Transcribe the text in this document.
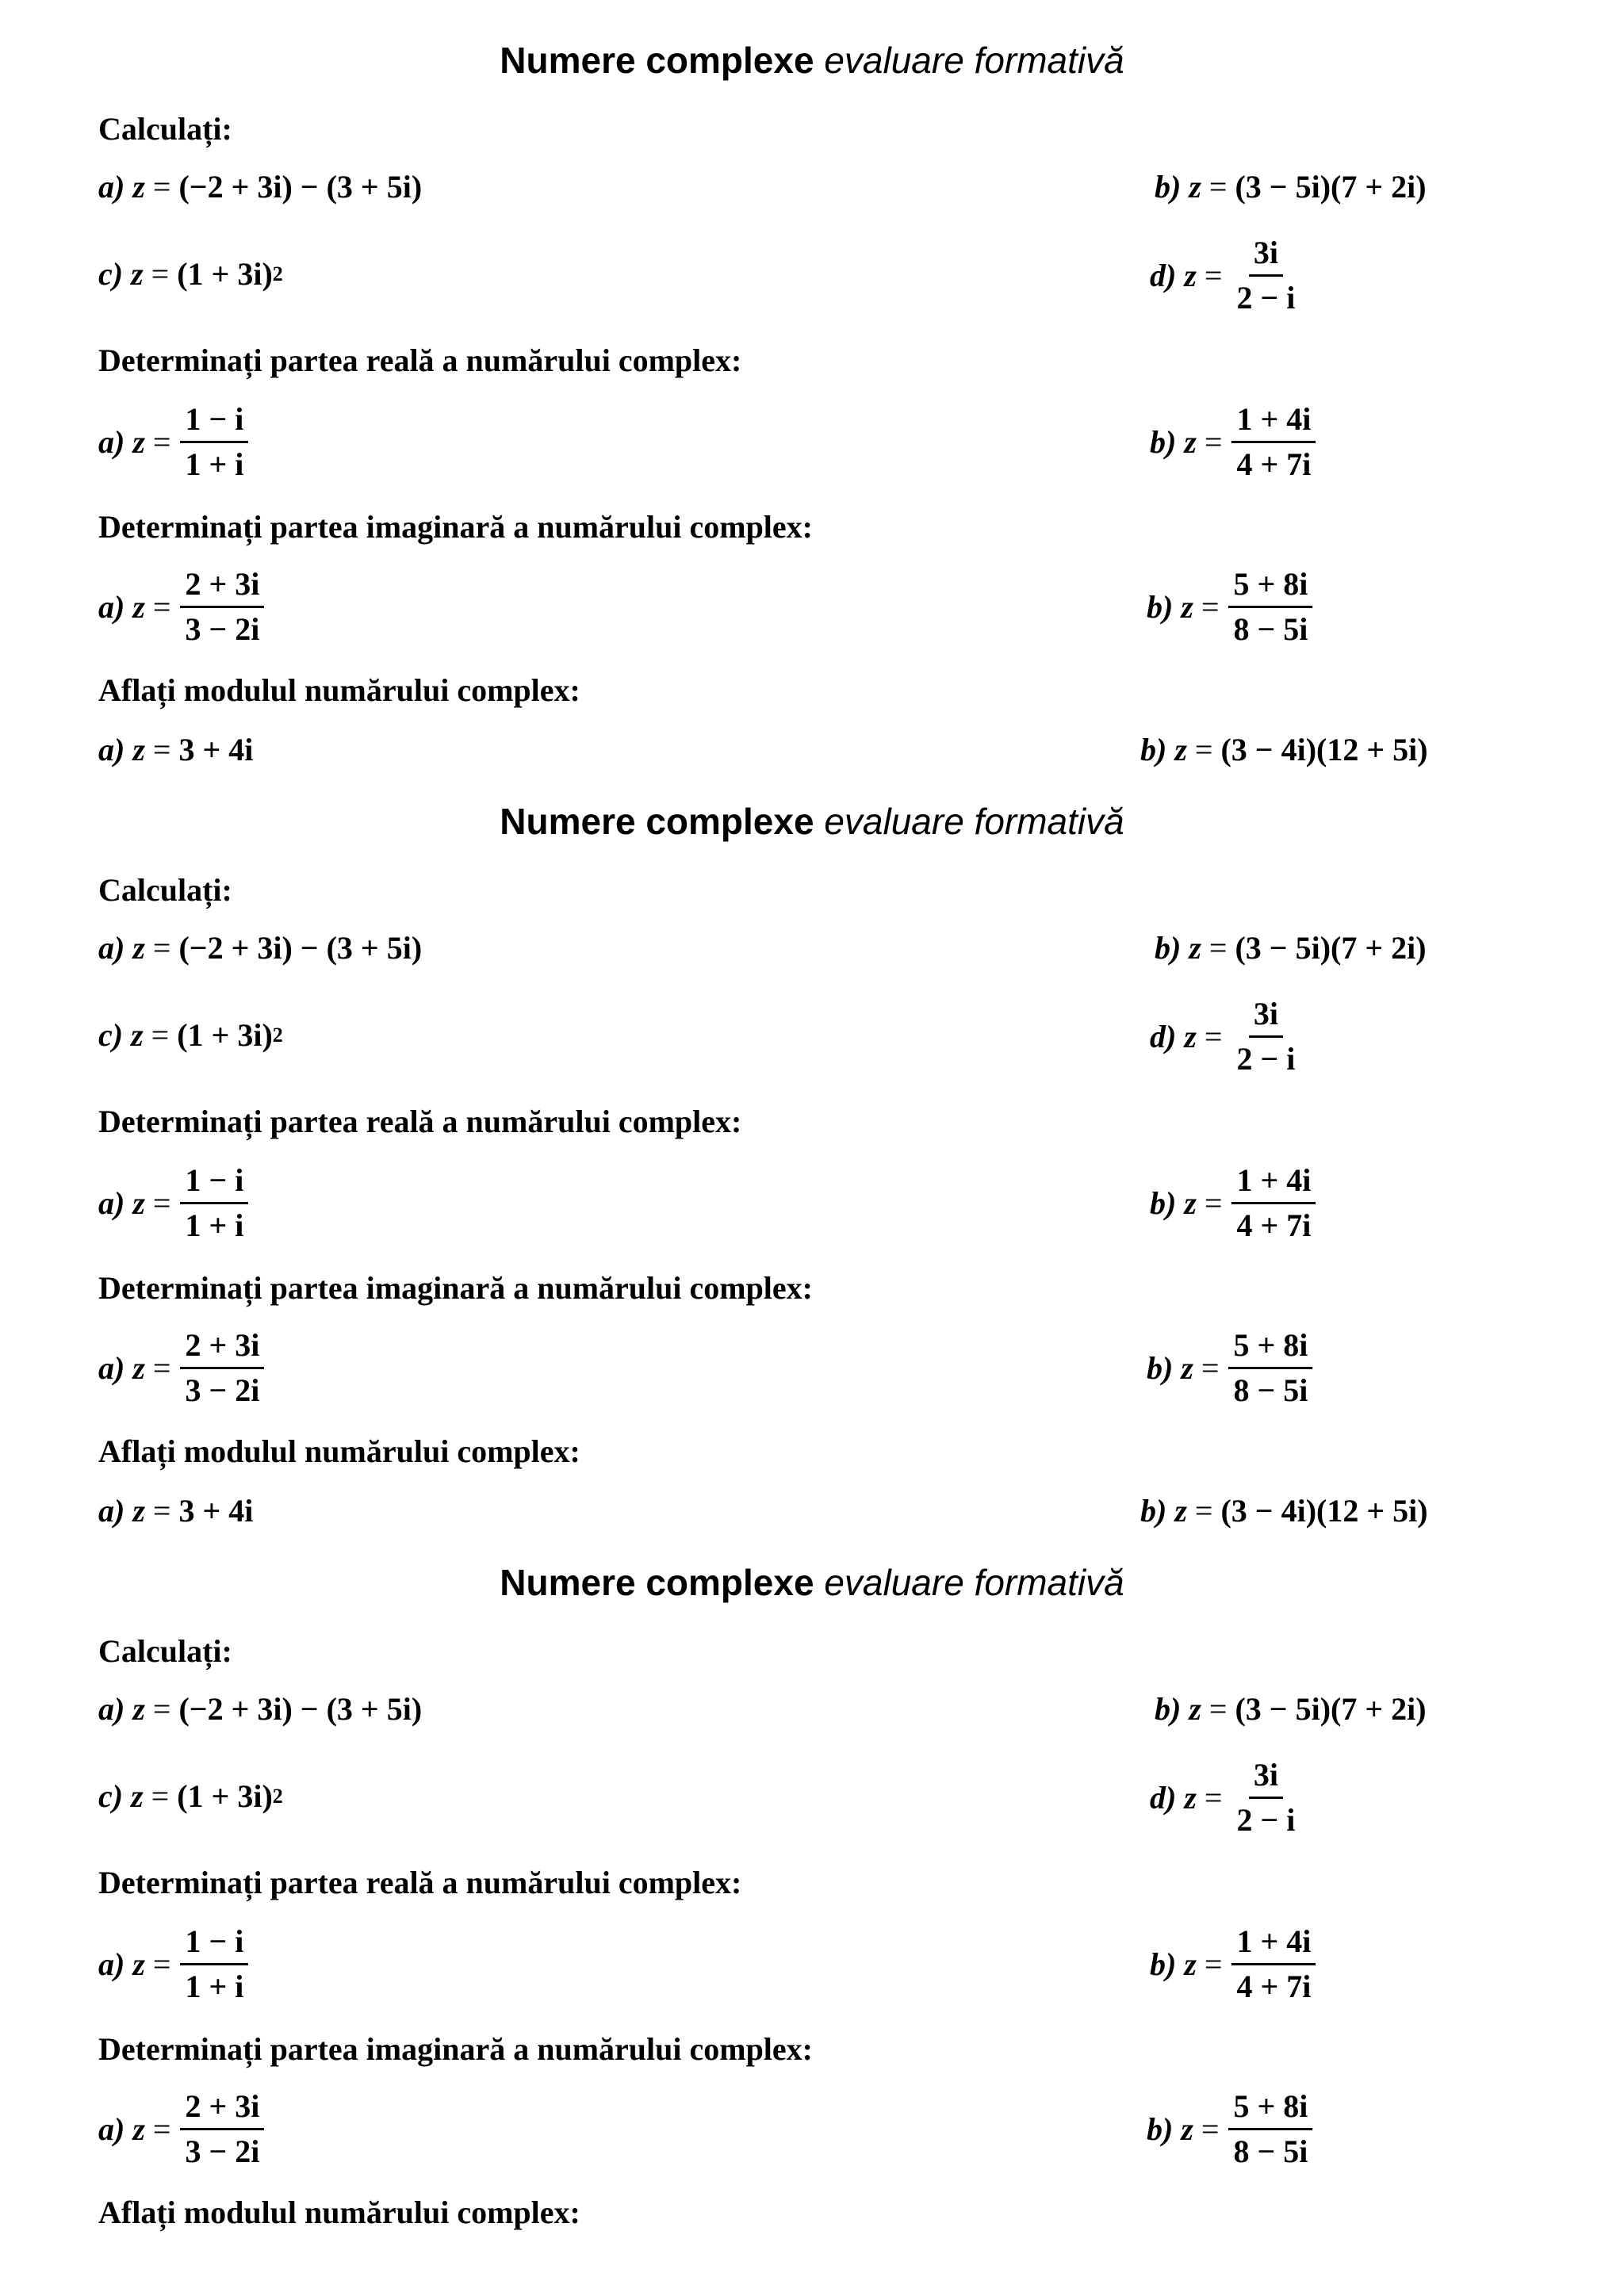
Numere complexe evaluare formativă
Calculați:
a)
z = (−2 + 3i) − (3 + 5i)	b)
z = (3 − 5i)(7 + 2i)
c)
z = (1 + 3i) 2	d)
$z = \frac{3i}{2 - i}$
Determinați partea reală a numărului complex:
a)
$z = \frac{1 - i}{1 + i}$	b)
$z = \frac{1 + 4i}{4 + 7i}$
Determinați partea imaginară a numărului complex:
a)
$z = \frac{2 + 3i}{3 - 2i}$	b)
$z = \frac{5 + 8i}{8 - 5i}$
Aflați modulul numărului complex:
a)
z = 3 + 4i	b)
z = (3 − 4i)(12 + 5i)
Numere complexe evaluare formativă
Calculați:
a)
z = (−2 + 3i) − (3 + 5i)	b)
z = (3 − 5i)(7 + 2i)
c)
z = (1 + 3i) 2	d)
$z = \frac{3i}{2 - i}$
Determinați partea reală a numărului complex:
a)
$z = \frac{1 - i}{1 + i}$	b)
$z = \frac{1 + 4i}{4 + 7i}$
Determinați partea imaginară a numărului complex:
a)
$z = \frac{2 + 3i}{3 - 2i}$	b)
$z = \frac{5 + 8i}{8 - 5i}$
Aflați modulul numărului complex:
a)
z = 3 + 4i	b)
z = (3 − 4i)(12 + 5i)
Numere complexe evaluare formativă
Calculați:
a)
z = (−2 + 3i) − (3 + 5i)	b)
z = (3 − 5i)(7 + 2i)
c)
z = (1 + 3i) 2	d)
$z = \frac{3i}{2 - i}$
Determinați partea reală a numărului complex:
a)
$z = \frac{1 - i}{1 + i}$	b)
$z = \frac{1 + 4i}{4 + 7i}$
Determinați partea imaginară a numărului complex:
a)
$z = \frac{2 + 3i}{3 - 2i}$	b)
$z = \frac{5 + 8i}{8 - 5i}$
Aflați modulul numărului complex:
